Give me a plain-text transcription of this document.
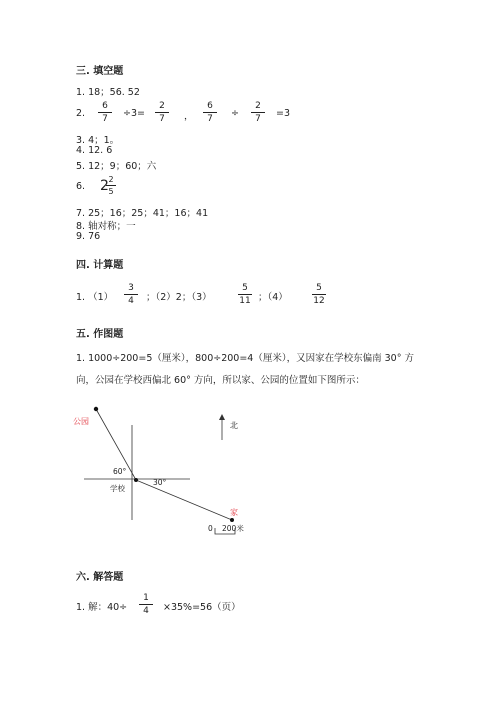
三. 填空题
1. 18；56. 52
2.
6
7	÷3=
2
7	，
6
7	÷
2
7	=3
3. 4；1。
4. 12. 6
5. 12；9；60；六
6. 2 2
5
7. 25；16；25；41；16；41
8. 轴对称；一
9. 76
四. 计算题
1. （1）
3
4	；（2）2；（3）
5
11 ；（4）
5
12
五. 作图题
1. 1000÷200=5（厘米），800÷200=4（厘米），又因家在学校东偏南 30° 方
向，公园在学校西偏北 60° 方向，所以家、公园的位置如下图所示：
公园	北
60°
学校
30°
家
0 200米
六. 解答题
1. 解：40÷
1
4	×35%=56（页）
